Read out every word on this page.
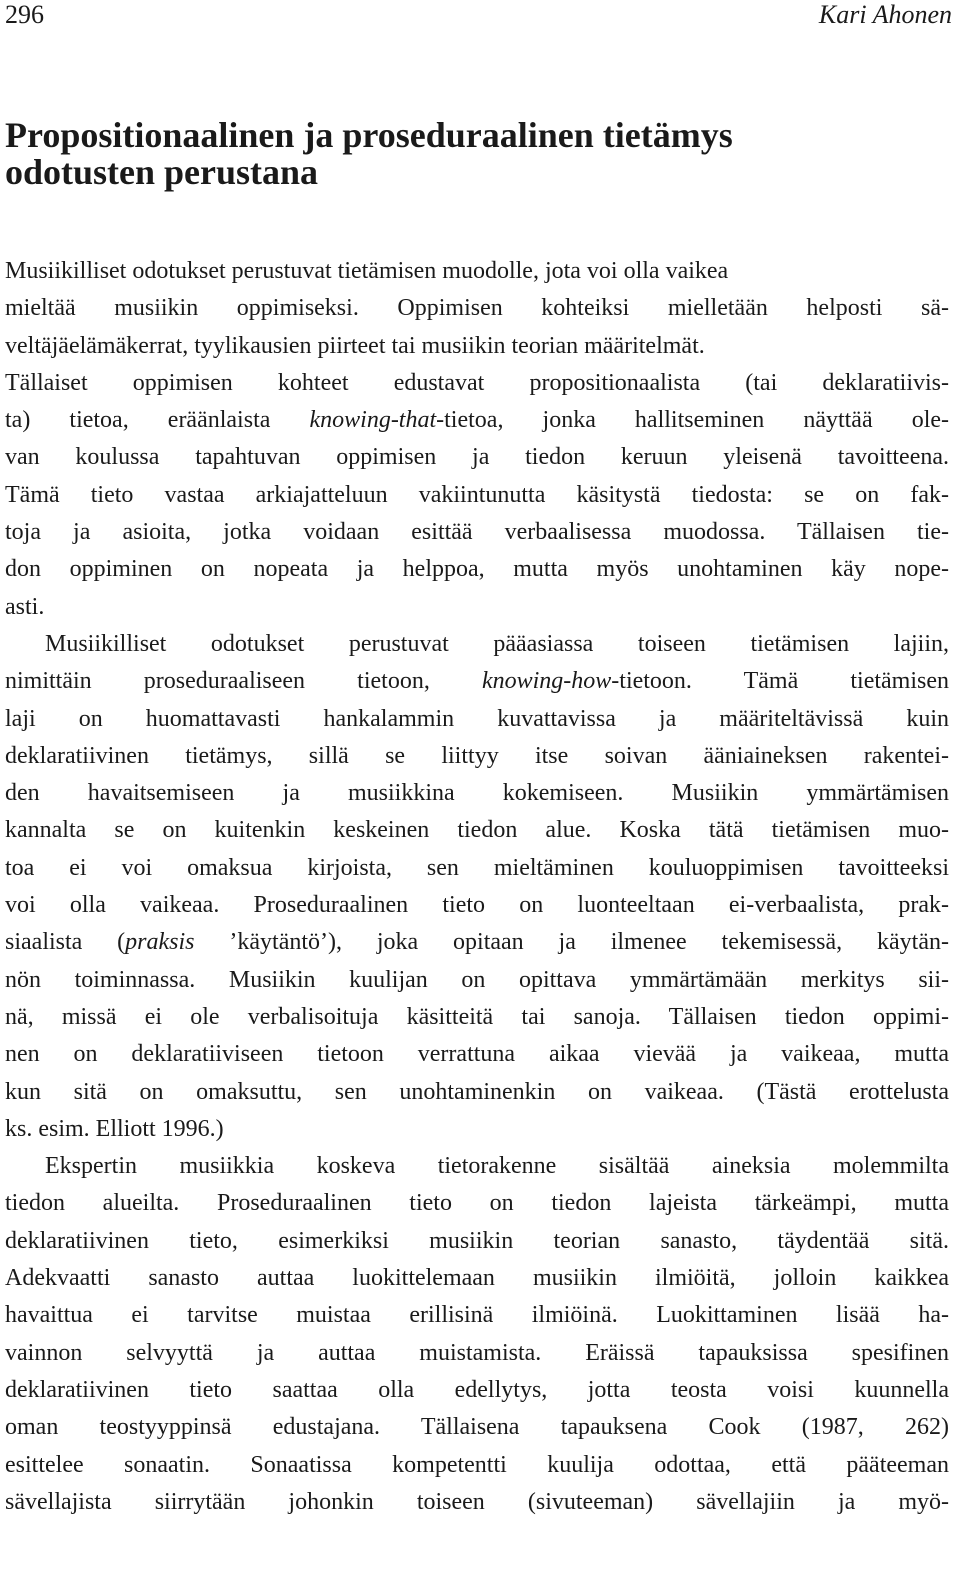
296	Kari Ahonen
Propositionaalinen ja proseduraalinen tietämys
odotusten perustana
Musiikilliset odotukset perustuvat tietämisen muodolle, jota voi olla vaikea
mieltää musiikin oppimiseksi. Oppimisen kohteiksi mielletään helposti sä-
veltäjäelämäkerrat, tyylikausien piirteet tai musiikin teorian määritelmät.
Tällaiset oppimisen kohteet edustavat propositionaalista (tai deklaratiivis-
ta) tietoa, eräänlaista knowing-that-tietoa, jonka hallitseminen näyttää ole-
van koulussa tapahtuvan oppimisen ja tiedon keruun yleisenä tavoitteena.
Tämä tieto vastaa arkiajatteluun vakiintunutta käsitystä tiedosta: se on fak-
toja ja asioita, jotka voidaan esittää verbaalisessa muodossa. Tällaisen tie-
don oppiminen on nopeata ja helppoa, mutta myös unohtaminen käy nope-
asti.
Musiikilliset odotukset perustuvat pääasiassa toiseen tietämisen lajiin,
nimittäin proseduraaliseen tietoon, knowing-how-tietoon. Tämä tietämisen
laji on huomattavasti hankalammin kuvattavissa ja määriteltävissä kuin
deklaratiivinen tietämys, sillä se liittyy itse soivan ääniaineksen rakentei-
den havaitsemiseen ja musiikkina kokemiseen. Musiikin ymmärtämisen
kannalta se on kuitenkin keskeinen tiedon alue. Koska tätä tietämisen muo-
toa ei voi omaksua kirjoista, sen mieltäminen kouluoppimisen tavoitteeksi
voi olla vaikeaa. Proseduraalinen tieto on luonteeltaan ei-verbaalista, prak-
siaalista (praksis ’käytäntö’), joka opitaan ja ilmenee tekemisessä, käytän-
nön toiminnassa. Musiikin kuulijan on opittava ymmärtämään merkitys sii-
nä, missä ei ole verbalisoituja käsitteitä tai sanoja. Tällaisen tiedon oppimi-
nen on deklaratiiviseen tietoon verrattuna aikaa vievää ja vaikeaa, mutta
kun sitä on omaksuttu, sen unohtaminenkin on vaikeaa. (Tästä erottelusta
ks. esim. Elliott 1996.)
Ekspertin musiikkia koskeva tietorakenne sisältää aineksia molemmilta
tiedon alueilta. Proseduraalinen tieto on tiedon lajeista tärkeämpi, mutta
deklaratiivinen tieto, esimerkiksi musiikin teorian sanasto, täydentää sitä.
Adekvaatti sanasto auttaa luokittelemaan musiikin ilmiöitä, jolloin kaikkea
havaittua ei tarvitse muistaa erillisinä ilmiöinä. Luokittaminen lisää ha-
vainnon selvyyttä ja auttaa muistamista. Eräissä tapauksissa spesifinen
deklaratiivinen tieto saattaa olla edellytys, jotta teosta voisi kuunnella
oman teostyyppinsä edustajana. Tällaisena tapauksena Cook (1987, 262)
esittelee sonaatin. Sonaatissa kompetentti kuulija odottaa, että pääteeman
sävellajista siirrytään johonkin toiseen (sivuteeman) sävellajiin ja myö-
